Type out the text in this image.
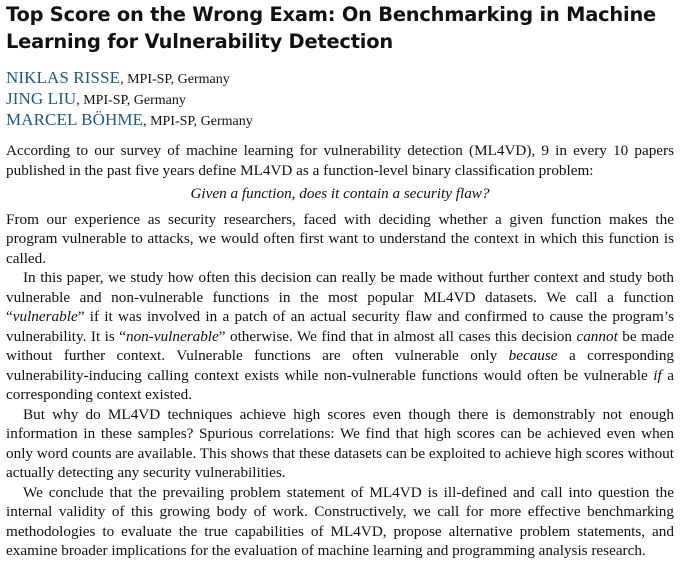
Top Score on the Wrong Exam: On Benchmarking in Machine Learning for Vulnerability Detection
NIKLAS RISSE, MPI-SP, Germany
JING LIU, MPI-SP, Germany
MARCEL BÖHME, MPI-SP, Germany

According to our survey of machine learning for vulnerability detection (ML4VD), 9 in every 10 papers published in the past five years define ML4VD as a function-level binary classification problem:

Given a function, does it contain a security flaw?

From our experience as security researchers, faced with deciding whether a given function makes the program vulnerable to attacks, we would often first want to understand the context in which this function is called.

In this paper, we study how often this decision can really be made without further context and study both vulnerable and non-vulnerable functions in the most popular ML4VD datasets. We call a function “vulnerable” if it was involved in a patch of an actual security flaw and confirmed to cause the program’s vulnerability. It is “non-vulnerable” otherwise. We find that in almost all cases this decision cannot be made without further context. Vulnerable functions are often vulnerable only because a corresponding vulnerability-inducing calling context exists while non-vulnerable functions would often be vulnerable if a corresponding context existed.

But why do ML4VD techniques achieve high scores even though there is demonstrably not enough information in these samples? Spurious correlations: We find that high scores can be achieved even when only word counts are available. This shows that these datasets can be exploited to achieve high scores without actually detecting any security vulnerabilities.

We conclude that the prevailing problem statement of ML4VD is ill-defined and call into question the internal validity of this growing body of work. Constructively, we call for more effective benchmarking methodologies to evaluate the true capabilities of ML4VD, propose alternative problem statements, and examine broader implications for the evaluation of machine learning and programming analysis research.
